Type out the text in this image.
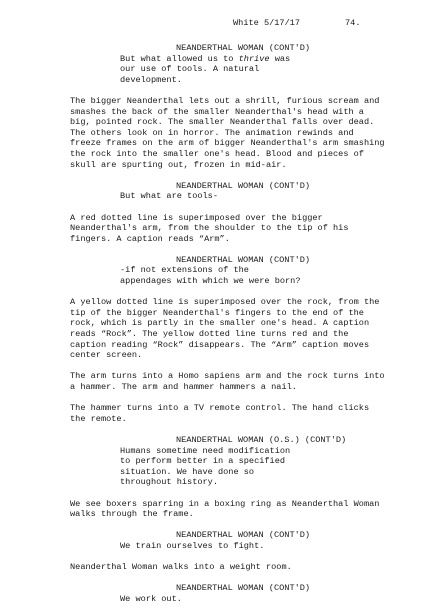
White 5/17/17	74.
NEANDERTHAL WOMAN (CONT'D)
But what allowed us to thrive was
our use of tools. A natural
development.
The bigger Neanderthal lets out a shrill, furious scream and
smashes the back of the smaller Neanderthal's head with a
big, pointed rock. The smaller Neanderthal falls over dead.
The others look on in horror. The animation rewinds and
freeze frames on the arm of bigger Neanderthal's arm smashing
the rock into the smaller one's head. Blood and pieces of
skull are spurting out, frozen in mid-air.
NEANDERTHAL WOMAN (CONT'D)
But what are tools-
A red dotted line is superimposed over the bigger
Neanderthal's arm, from the shoulder to the tip of his
fingers. A caption reads “Arm”.
NEANDERTHAL WOMAN (CONT'D)
-if not extensions of the
appendages with which we were born?
A yellow dotted line is superimposed over the rock, from the
tip of the bigger Neanderthal's fingers to the end of the
rock, which is partly in the smaller one's head. A caption
reads “Rock”. The yellow dotted line turns red and the
caption reading “Rock” disappears. The “Arm” caption moves
center screen.
The arm turns into a Homo sapiens arm and the rock turns into
a hammer. The arm and hammer hammers a nail.
The hammer turns into a TV remote control. The hand clicks
the remote.
NEANDERTHAL WOMAN (O.S.) (CONT'D)
Humans sometime need modification
to perform better in a specified
situation. We have done so
throughout history.
We see boxers sparring in a boxing ring as Neanderthal Woman
walks through the frame.
NEANDERTHAL WOMAN (CONT'D)
We train ourselves to fight.
Neanderthal Woman walks into a weight room.
NEANDERTHAL WOMAN (CONT'D)
We work out.
